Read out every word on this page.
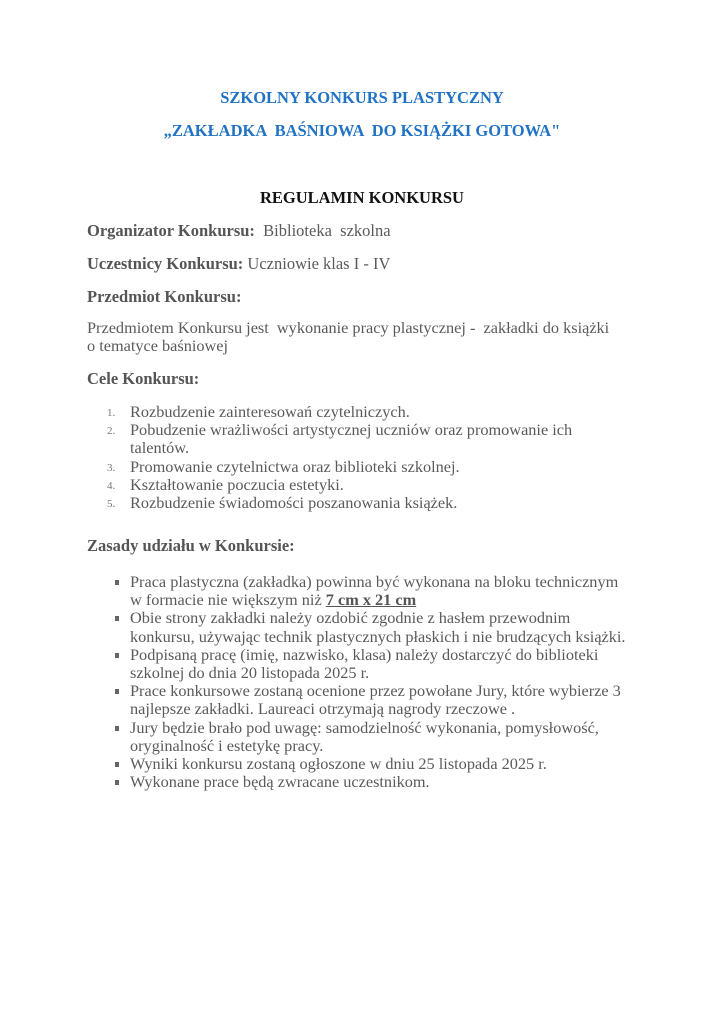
SZKOLNY KONKURS PLASTYCZNY
„ZAKŁADKA  BAŚNIOWA  DO KSIĄŻKI GOTOWA"
REGULAMIN KONKURSU
Organizator Konkursu:  Biblioteka  szkolna
Uczestnicy Konkursu: Uczniowie klas I - IV
Przedmiot Konkursu:
Przedmiotem Konkursu jest  wykonanie pracy plastycznej -  zakładki do książki
o tematyce baśniowej
Cele Konkursu:
1. Rozbudzenie zainteresowań czytelniczych.
2. Pobudzenie wrażliwości artystycznej uczniów oraz promowanie ich talentów.
3. Promowanie czytelnictwa oraz biblioteki szkolnej.
4. Kształtowanie poczucia estetyki.
5. Rozbudzenie świadomości poszanowania książek.
Zasady udziału w Konkursie:
Praca plastyczna (zakładka) powinna być wykonana na bloku technicznym w formacie nie większym niż 7 cm x 21 cm
Obie strony zakładki należy ozdobić zgodnie z hasłem przewodnim konkursu, używając technik plastycznych płaskich i nie brudzących książki.
Podpisaną pracę (imię, nazwisko, klasa) należy dostarczyć do biblioteki szkolnej do dnia 20 listopada 2025 r.
Prace konkursowe zostaną ocenione przez powołane Jury, które wybierze 3 najlepsze zakładki. Laureaci otrzymają nagrody rzeczowe .
Jury będzie brało pod uwagę: samodzielność wykonania, pomysłowość, oryginalność i estetykę pracy.
Wyniki konkursu zostaną ogłoszone w dniu 25 listopada 2025 r.
Wykonane prace będą zwracane uczestnikom.
